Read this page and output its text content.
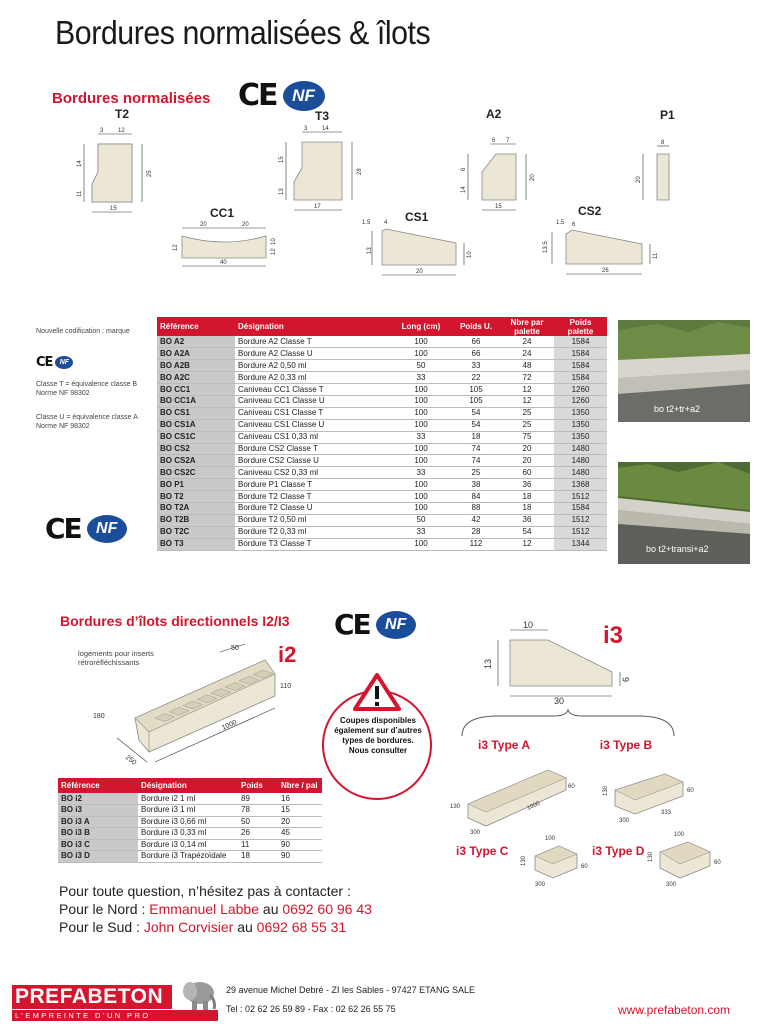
Bordures normalisées & îlots
Bordures normalisées CE NF
T2
3 12
14
11
25
15
T3
3 14
15
13
28
17
A2
6 7
6
14
20
15
P1
8
20
CC1
20	20
12
40
10
12
CS1
1.5 4
13
20
10
CS2
1.5 6
13.5
11
26
Nouvelle codification : marque
CE	NF
Classe T = équivalence classe B Norme NF 98302
Classe U = équivalence classe A Norme NF 98302
CE NF
Référence	Désignation	Long (cm)	Poids U.	Nbre par palette	Poids palette
BO A2	Bordure A2 Classe T	100	66	24	1584
BO A2A	Bordure A2 Classe U	100	66	24	1584
BO A2B	Bordure A2 0,50 ml	50	33	48	1584
BO A2C	Bordure A2 0,33 ml	33	22	72	1584
BO CC1	Caniveau CC1 Classe T	100	105	12	1260
BO CC1A	Caniveau CC1 Classe U	100	105	12	1260
BO CS1	Caniveau CS1 Classe T	100	54	25	1350
BO CS1A	Caniveau CS1 Classe U	100	54	25	1350
BO CS1C	Caniveau CS1 0,33 ml	33	18	75	1350
BO CS2	Bordure CS2 Classe T	100	74	20	1480
BO CS2A	Bordure CS2 Classe U	100	74	20	1480
BO CS2C	Caniveau CS2 0,33 ml	33	25	60	1480
BO P1	Bordure P1 Classe T	100	38	36	1368
BO T2	Bordure T2 Classe T	100	84	18	1512
BO T2A	Bordure T2 Classe U	100	88	18	1584
BO T2B	Bordure T2 0,50 ml	50	42	36	1512
BO T2C	Bordure T2 0,33 ml	33	28	54	1512
BO T3	Bordure T3 Classe T	100	112	12	1344
bo t2+tr+a2
bo t2+transi+a2
Bordures d’îlots directionnels I2/I3 CE NF
logements pour inserts rétroréfléchissants	i2
50
110
180
1000
250
Coupes disponibles également sur d’autres types de bordures. Nous consulter
i3
10
13
6
30
i3 Type A	i3 Type B
i3 Type C	i3 Type D
130
60
300
1000
130	60
300
333
100
130
60
300
100
130
60
300
Référence	Désignation	Poids	Nbre / pal
BO i2	Bordure i2 1 ml	89	16
BO i3	Bordure i3 1 ml	78	15
BO i3 A	Bordure i3 0,66 ml	50	20
BO i3 B	Bordure i3 0,33 ml	26	45
BO i3 C	Bordure i3 0,14 ml	11	90
BO i3 D	Bordure i3 Trapézoïdale	18	90
Pour toute question, n’hésitez pas à contacter :
Pour le Nord : Emmanuel Labbe au 0692 60 96 43
Pour le Sud : John Corvisier au 0692 68 55 31
PREFABETON
L’EMPREINTE D’UN PRO
29 avenue Michel Debré - ZI les Sables - 97427 ETANG SALE
Tel : 02 62 26 59 89 - Fax : 02 62 26 55 75	www.prefabeton.com
